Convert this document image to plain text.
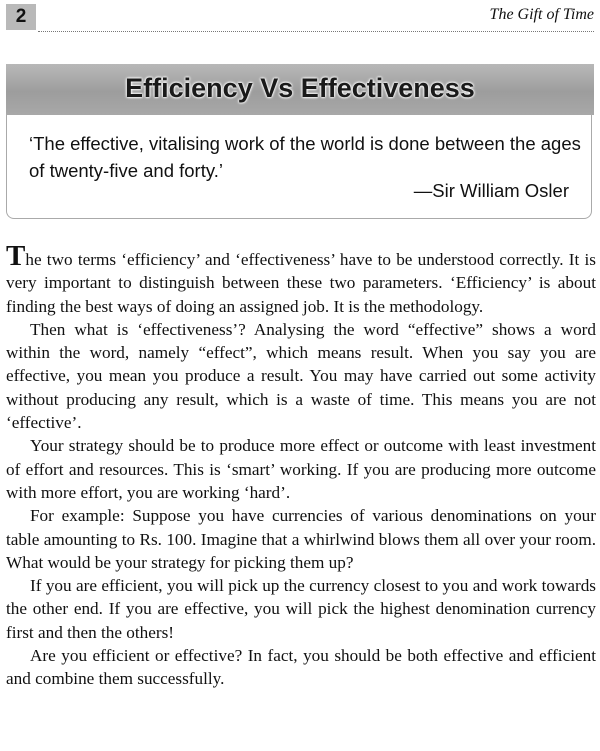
2	The Gift of Time
Efficiency Vs Effectiveness
‘The effective, vitalising work of the world is done between the ages of twenty-five and forty.’
—Sir William Osler

The two terms ‘efficiency’ and ‘effectiveness’ have to be understood correctly. It is very important to distinguish between these two parameters. ‘Efficiency’ is about finding the best ways of doing an assigned job. It is the methodology.

Then what is ‘effectiveness’? Analysing the word “effective” shows a word within the word, namely “effect”, which means result. When you say you are effective, you mean you produce a result. You may have carried out some activity without producing any result, which is a waste of time. This means you are not ‘effective’.

Your strategy should be to produce more effect or outcome with least investment of effort and resources. This is ‘smart’ working. If you are producing more outcome with more effort, you are working ‘hard’.

For example: Suppose you have currencies of various denominations on your table amounting to Rs. 100. Imagine that a whirlwind blows them all over your room. What would be your strategy for picking them up?

If you are efficient, you will pick up the currency closest to you and work towards the other end. If you are effective, you will pick the highest denomination currency first and then the others!

Are you efficient or effective? In fact, you should be both effective and efficient and combine them successfully.
